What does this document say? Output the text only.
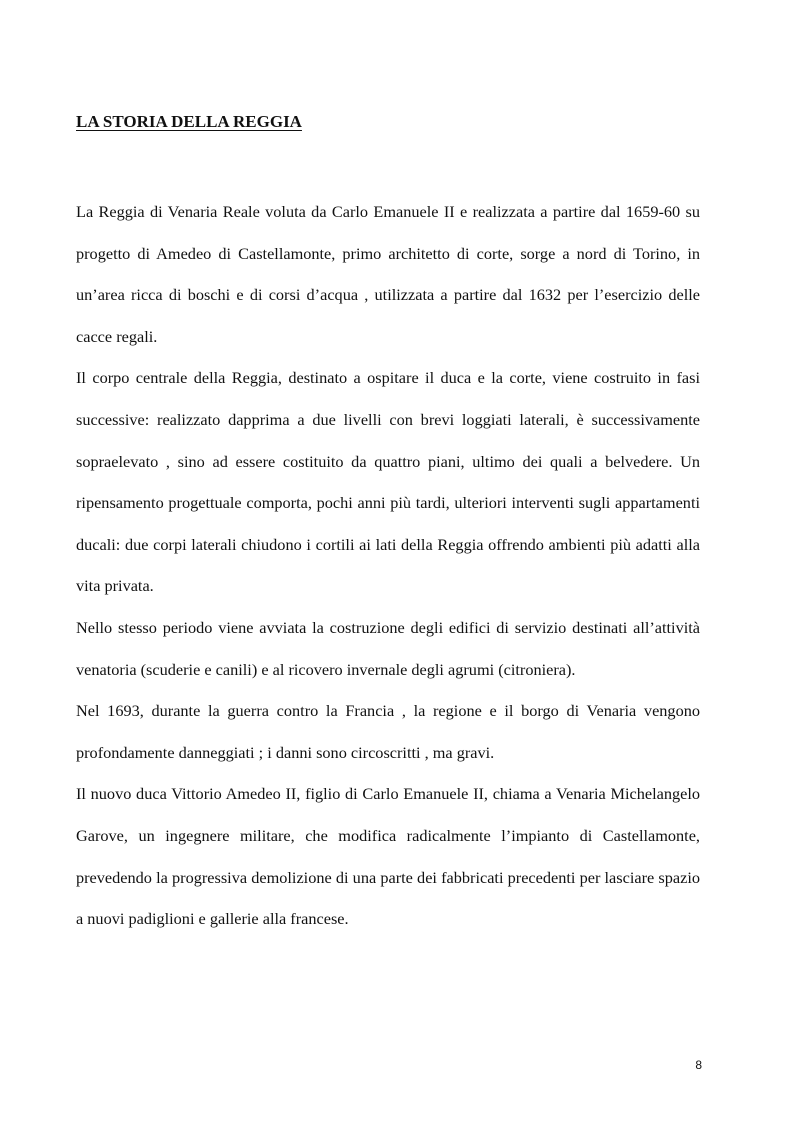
LA STORIA DELLA REGGIA

La Reggia di Venaria Reale voluta da Carlo Emanuele II e realizzata a partire dal 1659-60 su progetto di Amedeo di Castellamonte, primo architetto di corte, sorge a nord di Torino, in un’area ricca di boschi e di corsi d’acqua , utilizzata a partire dal 1632 per l’esercizio delle cacce regali.

Il corpo centrale della Reggia, destinato a ospitare il duca e la corte, viene costruito in fasi successive: realizzato dapprima a due livelli con brevi loggiati laterali, è successivamente sopraelevato , sino ad essere costituito da quattro piani, ultimo dei quali a belvedere. Un ripensamento progettuale comporta, pochi anni più tardi, ulteriori interventi sugli appartamenti ducali: due corpi laterali chiudono i cortili ai lati della Reggia offrendo ambienti più adatti alla vita privata.

Nello stesso periodo viene avviata la costruzione degli edifici di servizio destinati all’attività venatoria (scuderie e canili) e al ricovero invernale degli agrumi (citroniera).

Nel 1693, durante la guerra contro la Francia , la regione e il borgo di Venaria vengono profondamente danneggiati ; i danni sono circoscritti , ma gravi.

Il nuovo duca Vittorio Amedeo II, figlio di Carlo Emanuele II, chiama a Venaria Michelangelo Garove, un ingegnere militare, che modifica radicalmente l’impianto di Castellamonte, prevedendo la progressiva demolizione di una parte dei fabbricati precedenti per lasciare spazio a nuovi padiglioni e gallerie alla francese.

8
